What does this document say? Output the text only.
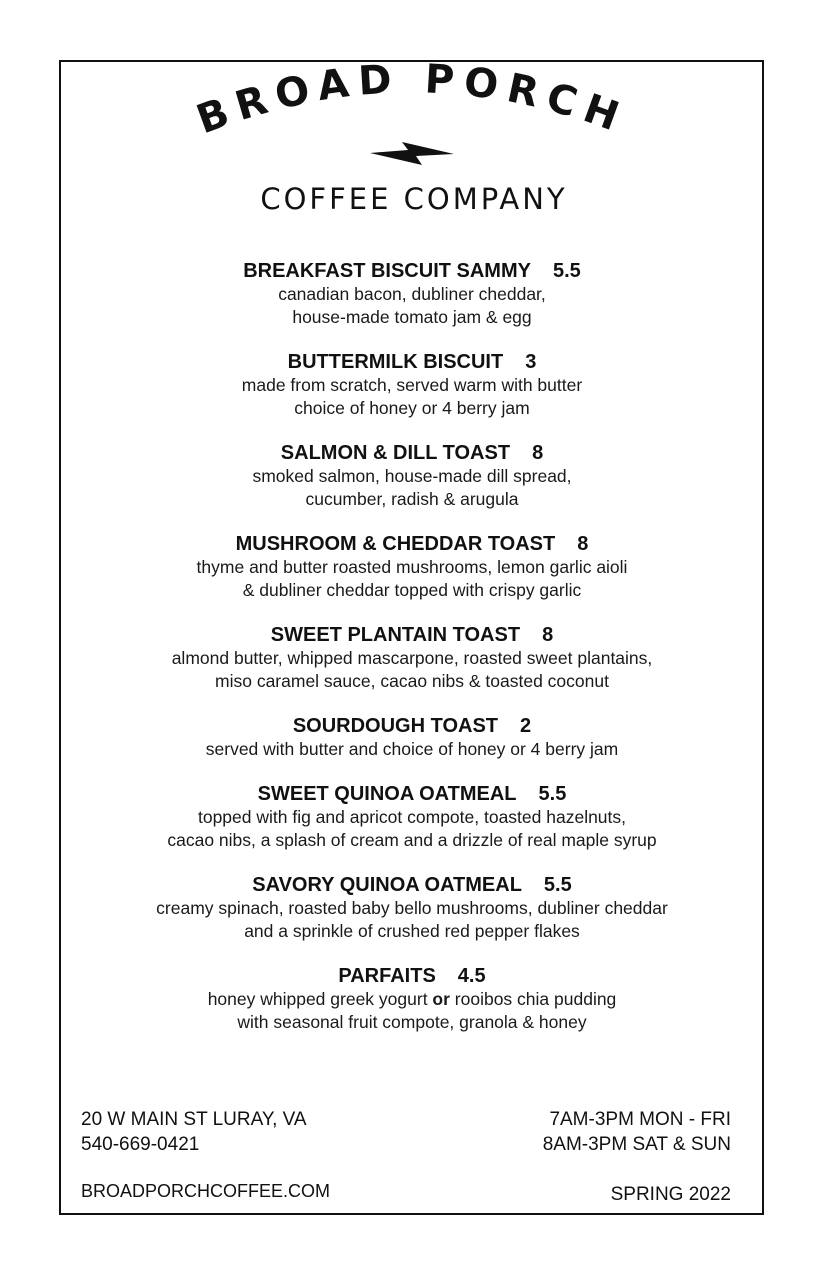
BROAD PORCH
COFFEE COMPANY
BREAKFAST BISCUIT SAMMY 5.5
canadian bacon, dubliner cheddar,
house-made tomato jam & egg
BUTTERMILK BISCUIT 3
made from scratch, served warm with butter
choice of honey or 4 berry jam
SALMON & DILL TOAST 8
smoked salmon, house-made dill spread,
cucumber, radish & arugula
MUSHROOM & CHEDDAR TOAST 8
thyme and butter roasted mushrooms, lemon garlic aioli
& dubliner cheddar topped with crispy garlic
SWEET PLANTAIN TOAST 8
almond butter, whipped mascarpone, roasted sweet plantains,
miso caramel sauce, cacao nibs & toasted coconut
SOURDOUGH TOAST 2
served with butter and choice of honey or 4 berry jam
SWEET QUINOA OATMEAL 5.5
topped with fig and apricot compote, toasted hazelnuts,
cacao nibs, a splash of cream and a drizzle of real maple syrup
SAVORY QUINOA OATMEAL 5.5
creamy spinach, roasted baby bello mushrooms, dubliner cheddar
and a sprinkle of crushed red pepper flakes
PARFAITS 4.5
honey whipped greek yogurt or rooibos chia pudding
with seasonal fruit compote, granola & honey
20 W MAIN ST LURAY, VA
540-669-0421
BROADPORCHCOFFEE.COM
7AM-3PM MON - FRI
8AM-3PM SAT & SUN
SPRING 2022
